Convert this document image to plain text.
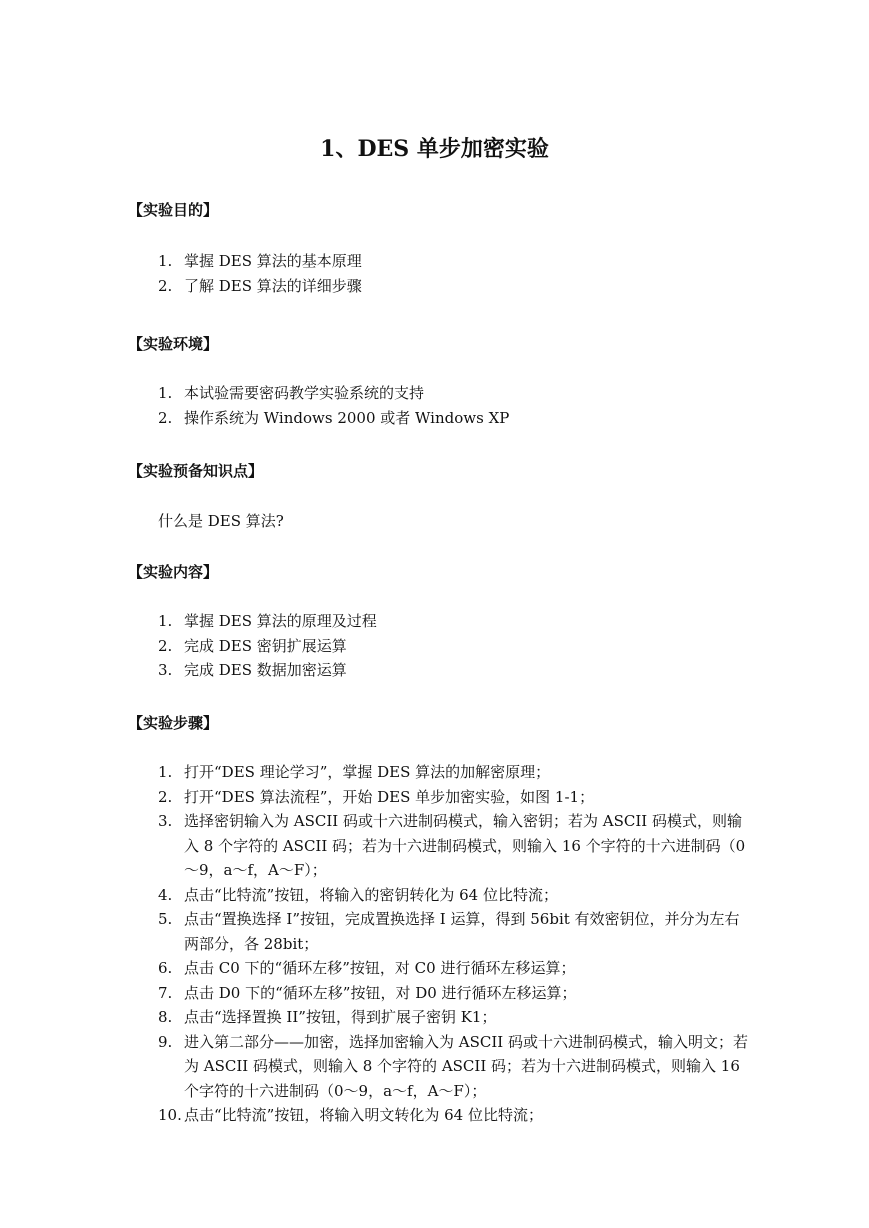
1、DES 单步加密实验
【实验目的】
1. 掌握 DES 算法的基本原理
2. 了解 DES 算法的详细步骤
【实验环境】
1. 本试验需要密码教学实验系统的支持
2. 操作系统为 Windows 2000 或者 Windows XP
【实验预备知识点】

什么是 DES 算法?

【实验内容】
1. 掌握 DES 算法的原理及过程
2. 完成 DES 密钥扩展运算
3. 完成 DES 数据加密运算
【实验步骤】
1. 打开“DES 理论学习”，掌握 DES 算法的加解密原理；
2. 打开“DES 算法流程”，开始 DES 单步加密实验，如图 1-1；
3. 选择密钥输入为 ASCII 码或十六进制码模式，输入密钥；若为 ASCII 码模式，则输入 8 个字符的 ASCII 码；若为十六进制码模式，则输入 16 个字符的十六进制码（0～9，a～f，A～F）；
4. 点击“比特流”按钮，将输入的密钥转化为 64 位比特流；
5. 点击“置换选择 I”按钮，完成置换选择 I 运算，得到 56bit 有效密钥位，并分为左右两部分，各 28bit；
6. 点击 C0 下的“循环左移”按钮，对 C0 进行循环左移运算；
7. 点击 D0 下的“循环左移”按钮，对 D0 进行循环左移运算；
8. 点击“选择置换 II”按钮，得到扩展子密钥 K1；
9. 进入第二部分——加密，选择加密输入为 ASCII 码或十六进制码模式，输入明文；若为 ASCII 码模式，则输入 8 个字符的 ASCII 码；若为十六进制码模式，则输入 16 个字符的十六进制码（0～9，a～f，A～F）；
10. 点击“比特流”按钮，将输入明文转化为 64 位比特流；
